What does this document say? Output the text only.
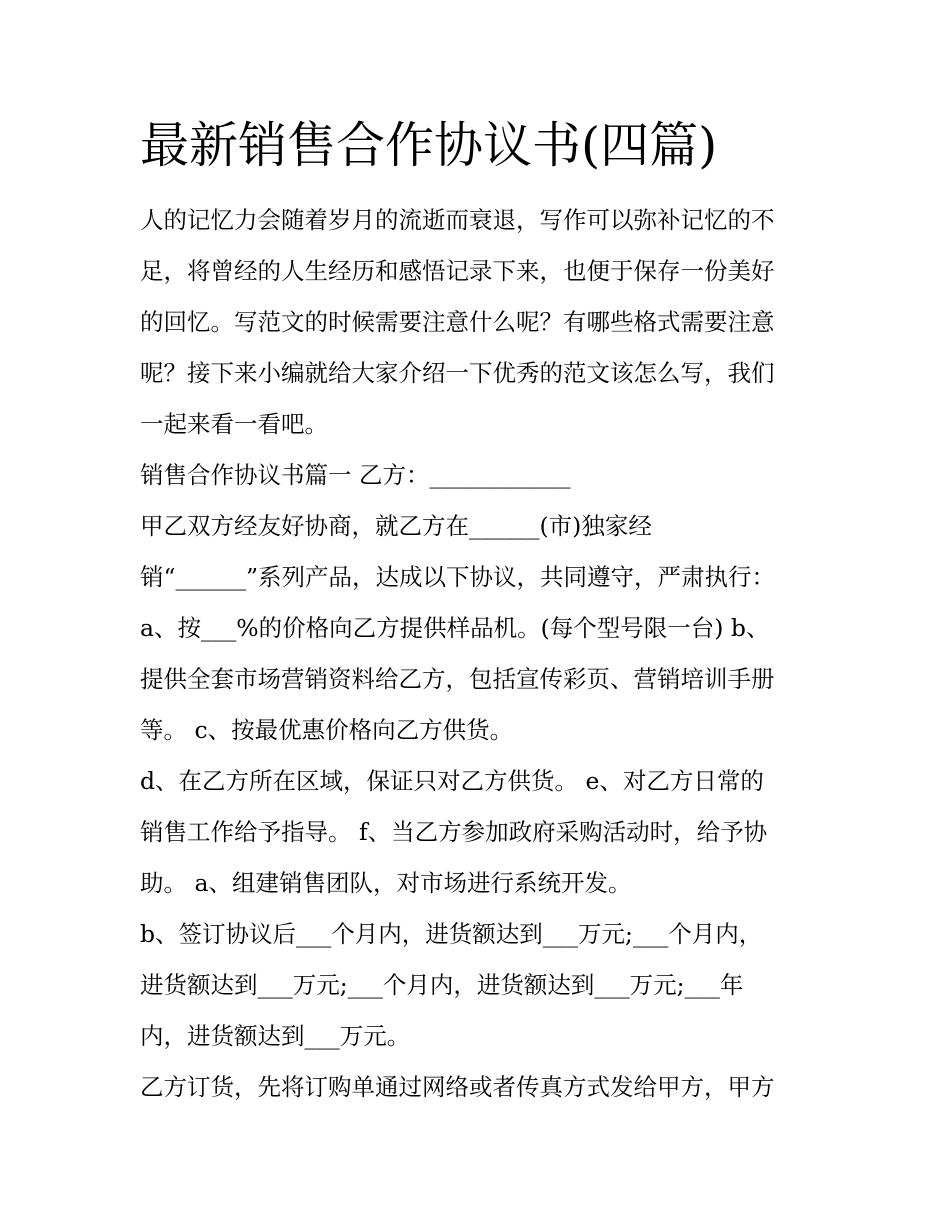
最新销售合作协议书(四篇)
人的记忆力会随着岁月的流逝而衰退，写作可以弥补记忆的不
足，将曾经的人生经历和感悟记录下来，也便于保存一份美好
的回忆。写范文的时候需要注意什么呢？有哪些格式需要注意
呢？接下来小编就给大家介绍一下优秀的范文该怎么写，我们
一起来看一看吧。
销售合作协议书篇一 乙方：____________
甲乙双方经友好协商，就乙方在______(市)独家经
销“______”系列产品，达成以下协议，共同遵守，严肃执行：
a、按___%的价格向乙方提供样品机。(每个型号限一台) b、
提供全套市场营销资料给乙方，包括宣传彩页、营销培训手册
等。 c、按最优惠价格向乙方供货。
d、在乙方所在区域，保证只对乙方供货。 e、对乙方日常的
销售工作给予指导。 f、当乙方参加政府采购活动时，给予协
助。 a、组建销售团队，对市场进行系统开发。
b、签订协议后___个月内，进货额达到___万元;___个月内，
进货额达到___万元;___个月内，进货额达到___万元;___年
内，进货额达到___万元。
乙方订货，先将订购单通过网络或者传真方式发给甲方，甲方
